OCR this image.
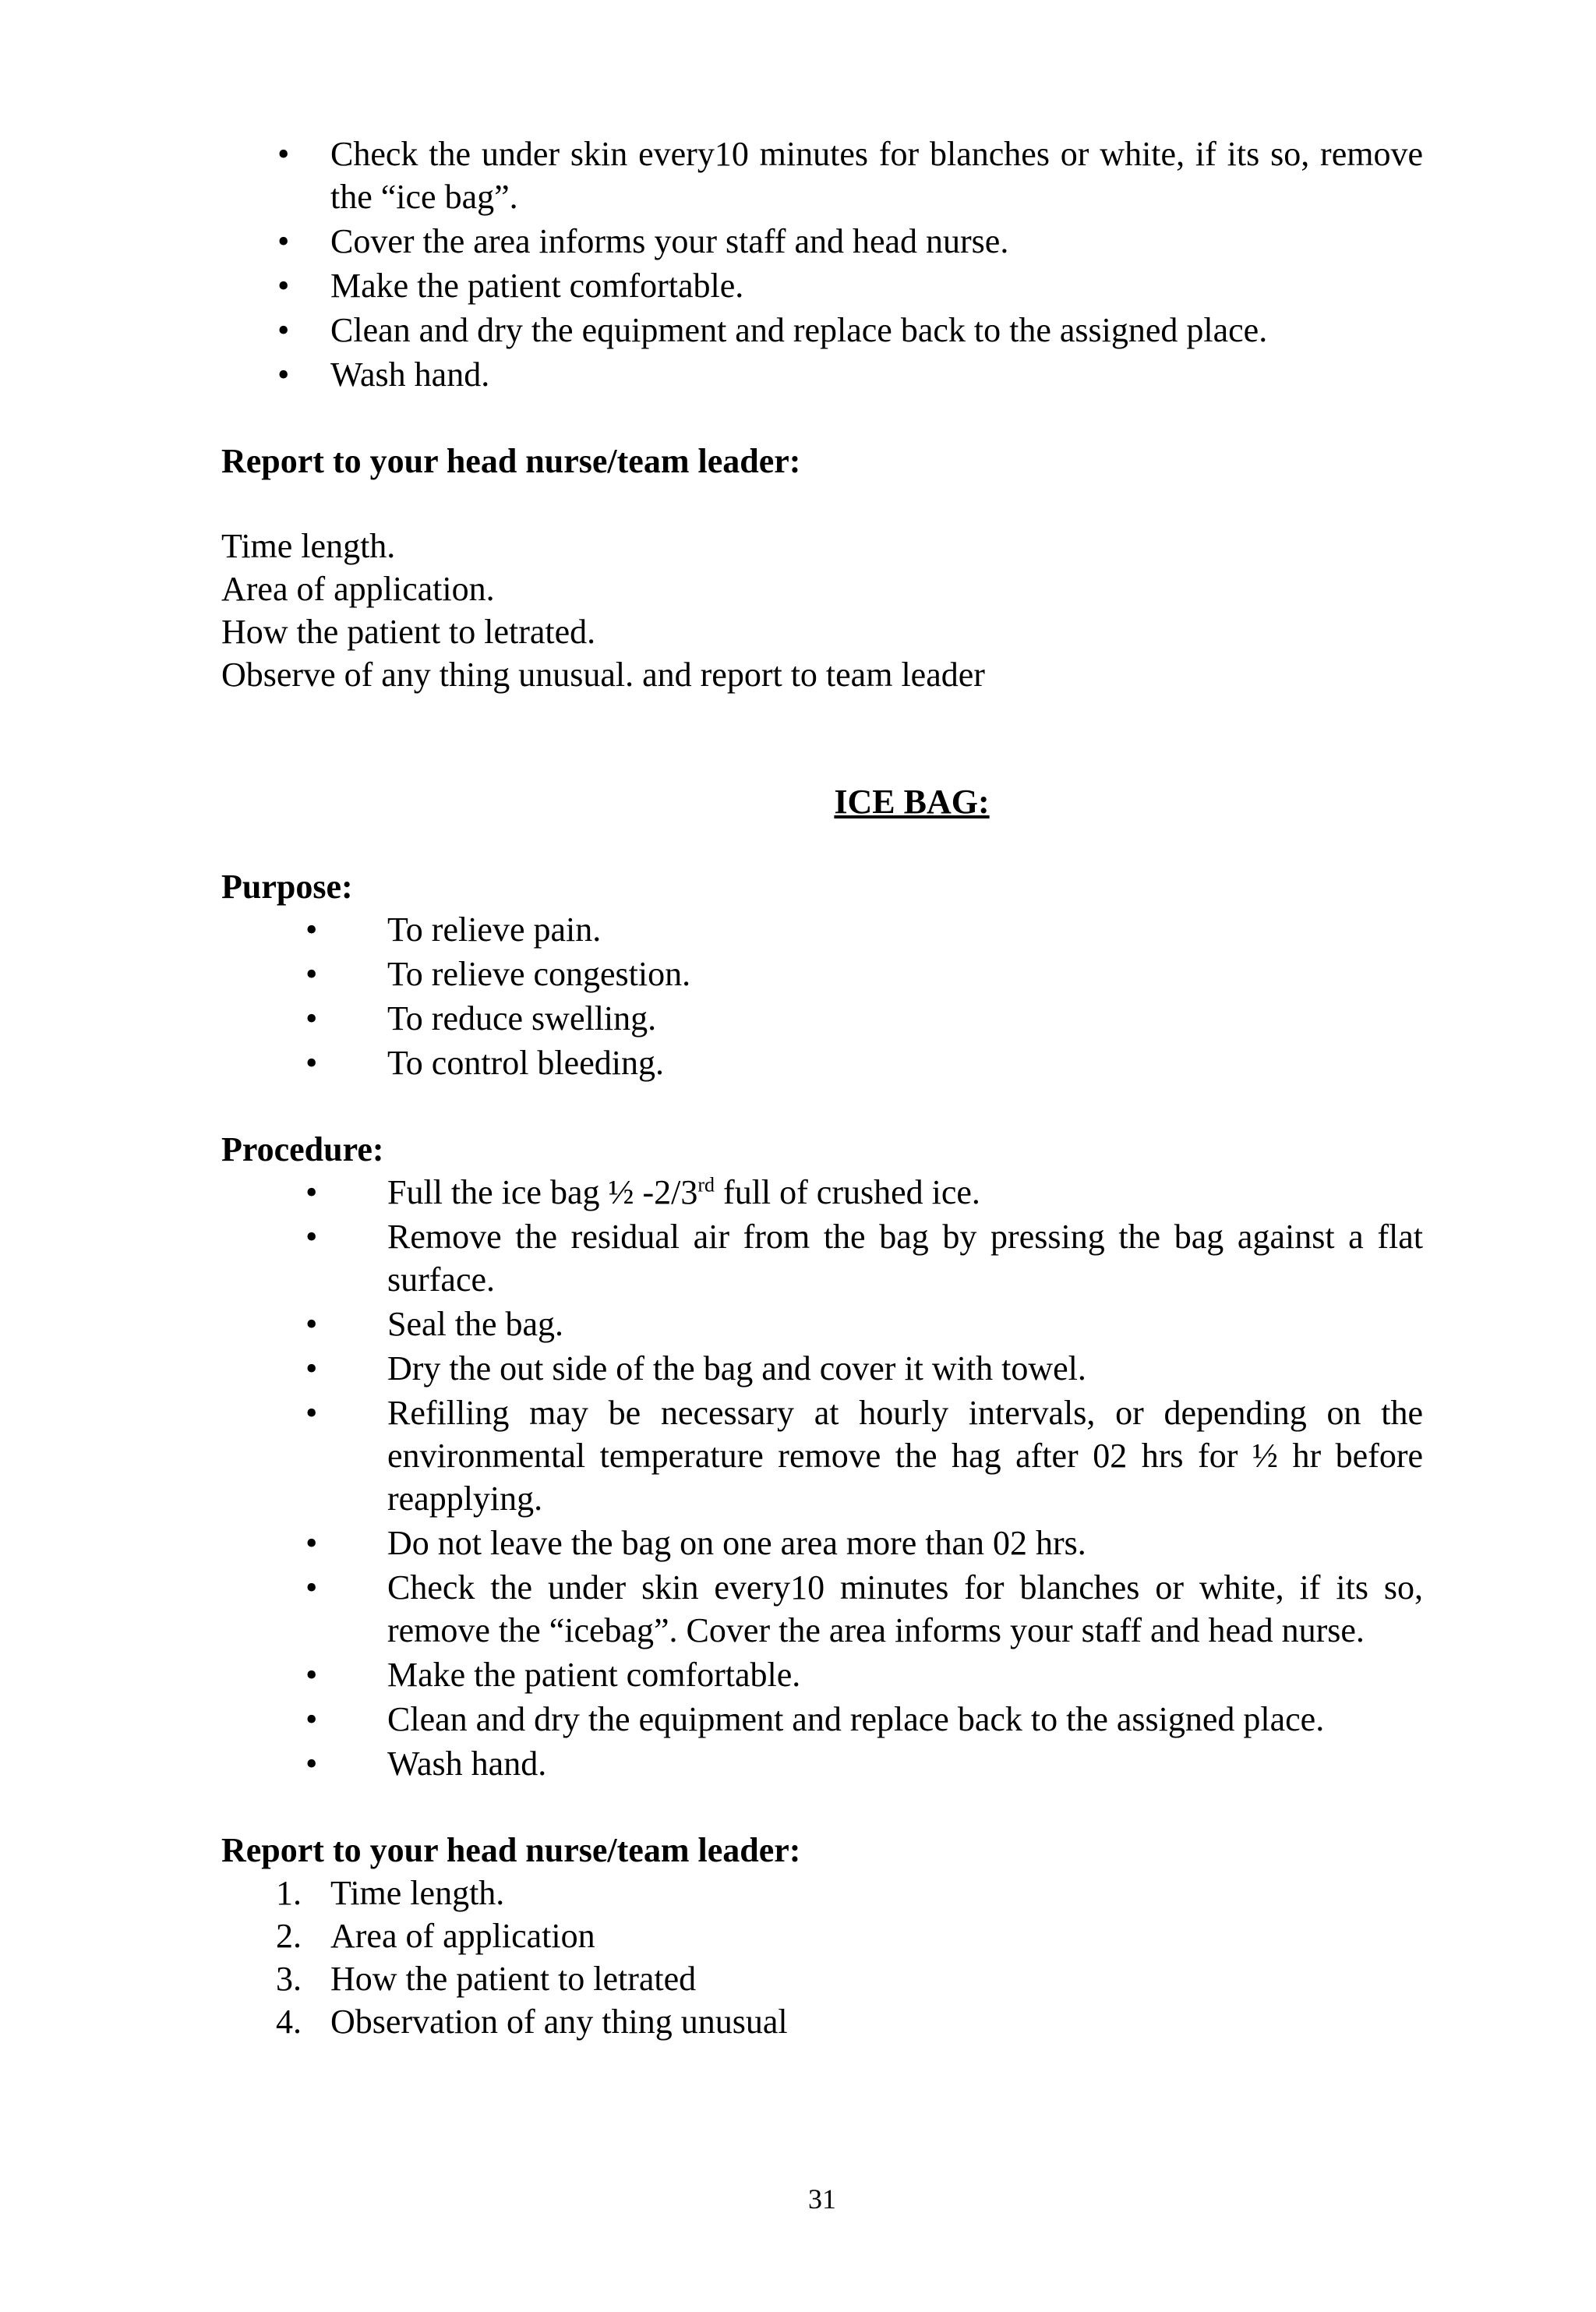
• Check the under skin every10 minutes for blanches or white, if its so, remove the “ice bag”.
• Cover the area informs your staff and head nurse.
• Make the patient comfortable.
• Clean and dry the equipment and replace back to the assigned place.
• Wash hand.
Report to your head nurse/team leader:

Time length.

Area of application.

How the patient to letrated.

Observe of any thing unusual. and report to team leader

ICE BAG:
Purpose:
• To relieve pain.
• To relieve congestion.
• To reduce swelling.
• To control bleeding.
Procedure:
• Full the ice bag ½ -2/3rd full of crushed ice.
• Remove the residual air from the bag by pressing the bag against a flat surface.
• Seal the bag.
• Dry the out side of the bag and cover it with towel.
• Refilling may be necessary at hourly intervals, or depending on the environmental temperature remove the hag after 02 hrs for ½ hr before reapplying.
• Do not leave the bag on one area more than 02 hrs.
• Check the under skin every10 minutes for blanches or white, if its so, remove the “icebag”. Cover the area informs your staff and head nurse.
• Make the patient comfortable.
• Clean and dry the equipment and replace back to the assigned place.
• Wash hand.
Report to your head nurse/team leader:
1. Time length.
2. Area of application
3. How the patient to letrated
4. Observation of any thing unusual
31
